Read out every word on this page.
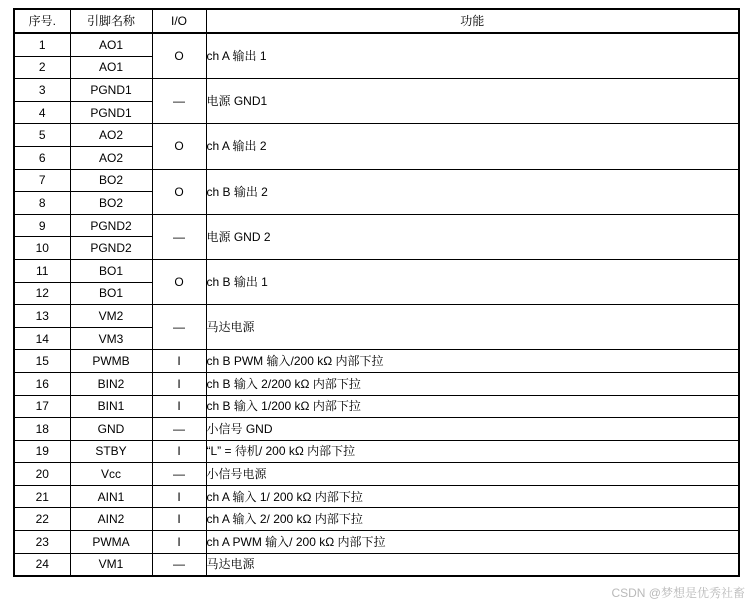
序号.	引脚名称	I/O	功能
1	AO1	O	ch A 输出 1
2	AO1		
3	PGND1	—	电源 GND1
4	PGND1		
5	AO2	O	ch A 输出 2
6	AO2		
7	BO2	O	ch B 输出 2
8	BO2		
9	PGND2	—	电源 GND 2
10	PGND2		
11	BO1	O	ch B 输出 1
12	BO1		
13	VM2	—	马达电源
14	VM3		
15	PWMB	I	ch B PWM 输入/200 kΩ 内部下拉
16	BIN2	I	ch B 输入 2/200 kΩ 内部下拉
17	BIN1	I	ch B 输入 1/200 kΩ 内部下拉
18	GND	—	小信号 GND
19	STBY	I	“L” = 待机/ 200 kΩ 内部下拉
20	Vcc	—	小信号电源
21	AIN1	I	ch A 输入 1/ 200 kΩ 内部下拉
22	AIN2	I	ch A 输入 2/ 200 kΩ 内部下拉
23	PWMA	I	ch A PWM 输入/ 200 kΩ 内部下拉
24	VM1	—	马达电源
CSDN @梦想是优秀社畜
